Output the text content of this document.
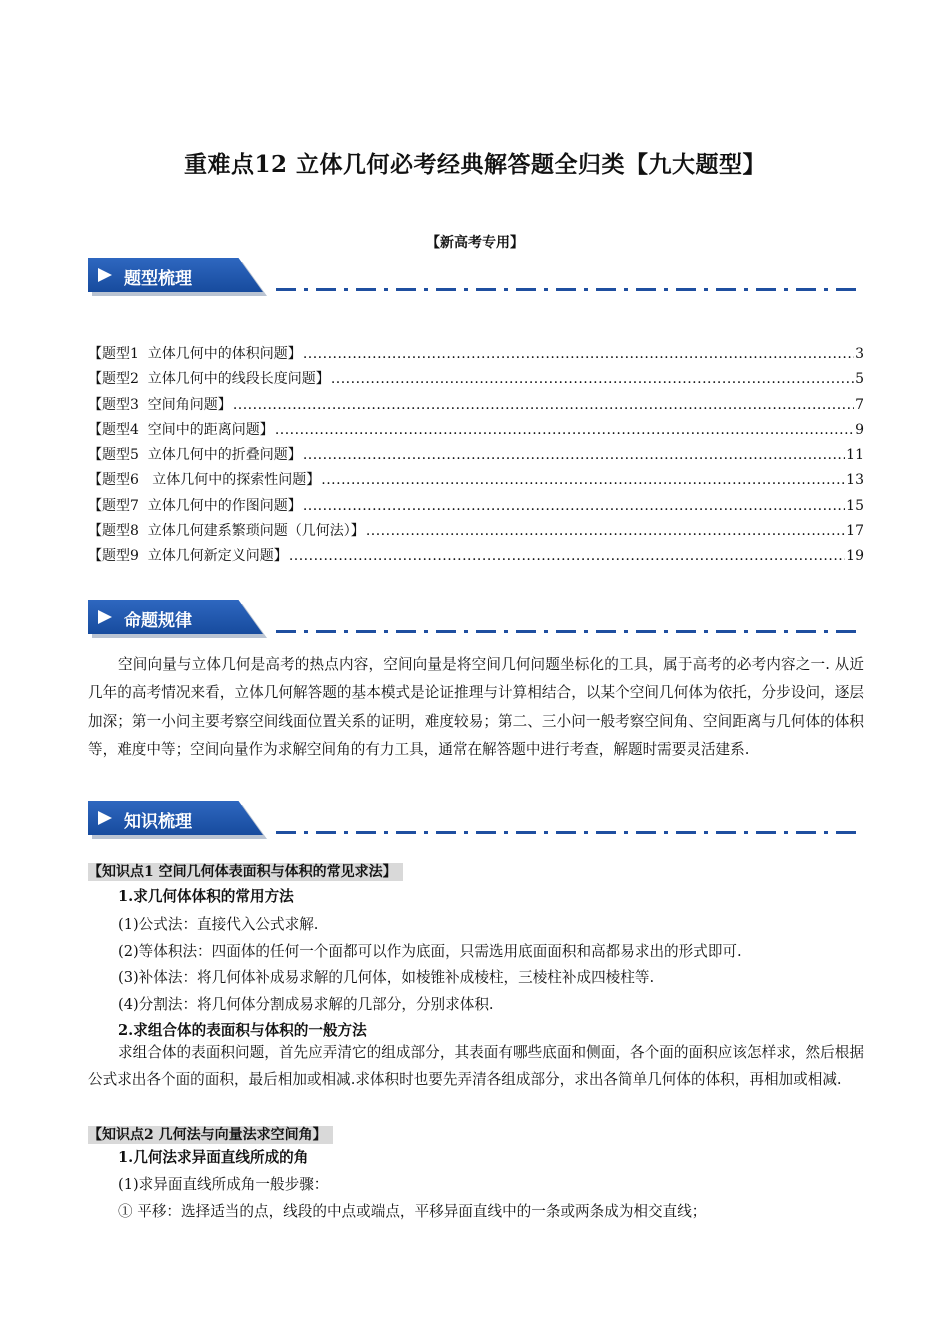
重难点12 立体几何必考经典解答题全归类【九大题型】
【新高考专用】
题型梳理
【题型1  立体几何中的体积问题】 .....	3
【题型2  立体几何中的线段长度问题】 .....	5
【题型3  空间角问题】 .....	7
【题型4  空间中的距离问题】 .....	9
【题型5  立体几何中的折叠问题】 .....	11
【题型6   立体几何中的探索性问题】 .....	13
【题型7  立体几何中的作图问题】 .....	15
【题型8  立体几何建系繁琐问题（几何法）】 .....	17
【题型9  立体几何新定义问题】 .....	19
命题规律

空间向量与立体几何是高考的热点内容，空间向量是将空间几何问题坐标化的工具，属于高考的必考内容之一. 从近几年的高考情况来看，立体几何解答题的基本模式是论证推理与计算相结合，以某个空间几何体为依托，分步设问，逐层加深；第一小问主要考察空间线面位置关系的证明，难度较易；第二、三小问一般考察空间角、空间距离与几何体的体积等，难度中等；空间向量作为求解空间角的有力工具，通常在解答题中进行考查，解题时需要灵活建系.

知识梳理
【知识点1 空间几何体表面积与体积的常见求法】
1.求几何体体积的常用方法
(1)公式法：直接代入公式求解.
(2)等体积法：四面体的任何一个面都可以作为底面，只需选用底面面积和高都易求出的形式即可.
(3)补体法：将几何体补成易求解的几何体，如棱锥补成棱柱，三棱柱补成四棱柱等.
(4)分割法：将几何体分割成易求解的几部分，分别求体积.
2.求组合体的表面积与体积的一般方法

求组合体的表面积问题，首先应弄清它的组成部分，其表面有哪些底面和侧面，各个面的面积应该怎样求，然后根据公式求出各个面的面积，最后相加或相减.求体积时也要先弄清各组成部分，求出各简单几何体的体积，再相加或相减.

【知识点2 几何法与向量法求空间角】
1.几何法求异面直线所成的角
(1)求异面直线所成角一般步骤：
① 平移：选择适当的点，线段的中点或端点，平移异面直线中的一条或两条成为相交直线；
